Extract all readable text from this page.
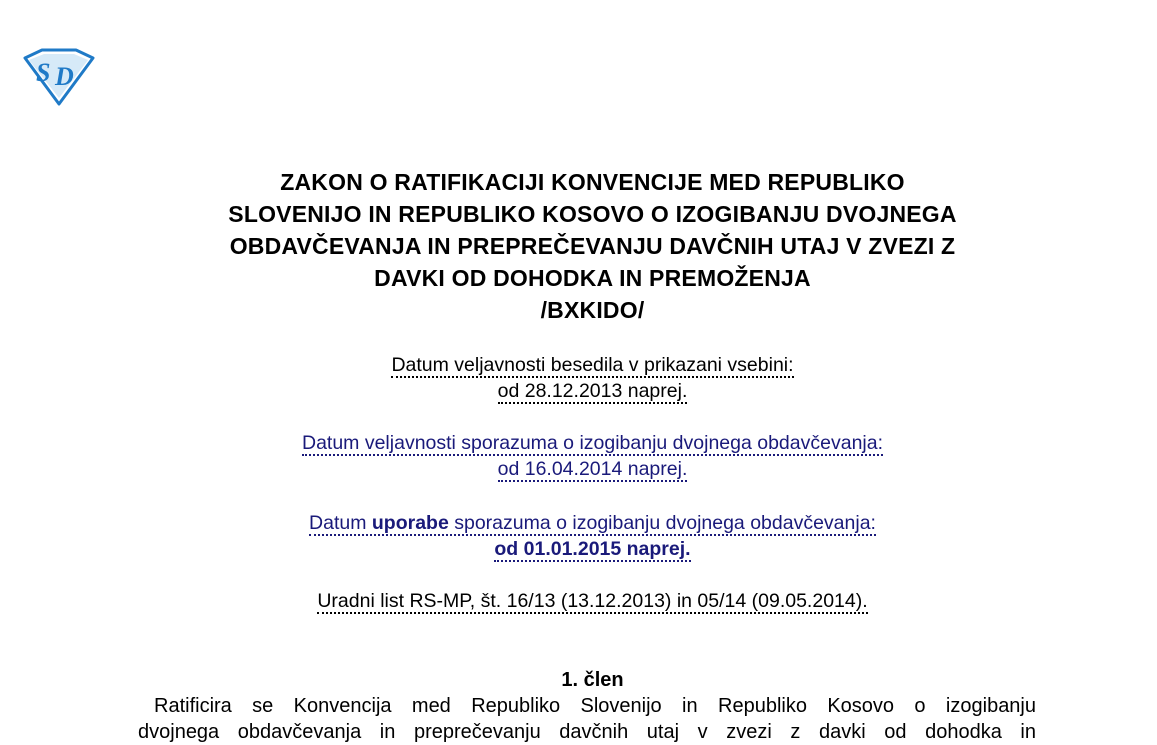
S D
ZAKON O RATIFIKACIJI KONVENCIJE MED REPUBLIKO
SLOVENIJO IN REPUBLIKO KOSOVO O IZOGIBANJU DVOJNEGA
OBDAVČEVANJA IN PREPREČEVANJU DAVČNIH UTAJ V ZVEZI Z
DAVKI OD DOHODKA IN PREMOŽENJA
/BXKIDO/
Datum veljavnosti besedila v prikazani vsebini:
od 28.12.2013 naprej.
Datum veljavnosti sporazuma o izogibanju dvojnega obdavčevanja:
od 16.04.2014 naprej.
Datum uporabe sporazuma o izogibanju dvojnega obdavčevanja:
od 01.01.2015 naprej.
Uradni list RS-MP, št. 16/13 (13.12.2013) in 05/14 (09.05.2014).
1. člen
Ratificira se Konvencija med Republiko Slovenijo in Republiko Kosovo o izogibanju
dvojnega obdavčevanja in preprečevanju davčnih utaj v zvezi z davki od dohodka in
